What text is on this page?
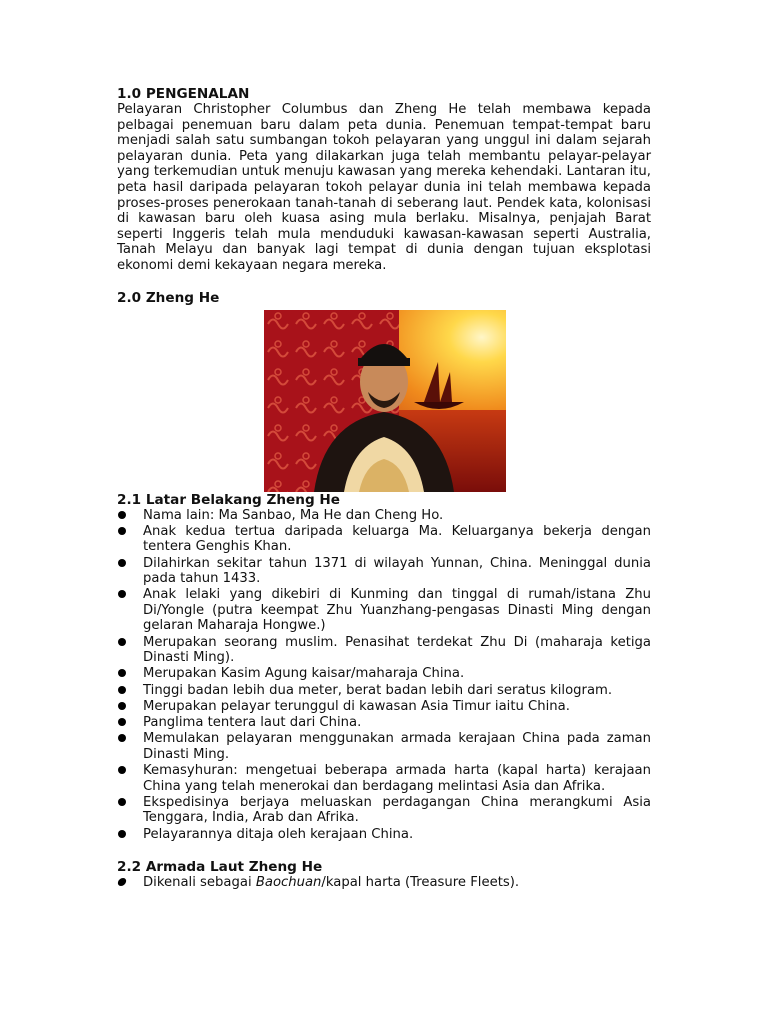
1.0 PENGENALAN

Pelayaran Christopher Columbus dan Zheng He telah membawa kepada pelbagai penemuan baru dalam peta dunia. Penemuan tempat-tempat baru menjadi salah satu sumbangan tokoh pelayaran yang unggul ini dalam sejarah pelayaran dunia. Peta yang dilakarkan juga telah membantu pelayar-pelayar yang terkemudian untuk menuju kawasan yang mereka kehendaki. Lantaran itu, peta hasil daripada pelayaran tokoh pelayar dunia ini telah membawa kepada proses-proses penerokaan tanah-tanah di seberang laut. Pendek kata, kolonisasi di kawasan baru oleh kuasa asing mula berlaku. Misalnya, penjajah Barat seperti Inggeris telah mula menduduki kawasan-kawasan seperti Australia, Tanah Melayu dan banyak lagi tempat di dunia dengan tujuan eksplotasi ekonomi demi kekayaan negara mereka.

2.0 Zheng He
2.1 Latar Belakang Zheng He
Nama lain: Ma Sanbao, Ma He dan Cheng Ho.
Anak kedua tertua daripada keluarga Ma. Keluarganya bekerja dengan tentera Genghis Khan.
Dilahirkan sekitar tahun 1371 di wilayah Yunnan, China. Meninggal dunia pada tahun 1433.
Anak lelaki yang dikebiri di Kunming dan tinggal di rumah/istana Zhu Di/Yongle (putra keempat Zhu Yuanzhang-pengasas Dinasti Ming dengan gelaran Maharaja Hongwe.)
Merupakan seorang muslim. Penasihat terdekat Zhu Di (maharaja ketiga Dinasti Ming).
Merupakan Kasim Agung kaisar/maharaja China.
Tinggi badan lebih dua meter, berat badan lebih dari seratus kilogram.
Merupakan pelayar terunggul di kawasan Asia Timur iaitu China.
Panglima tentera laut dari China.
Memulakan pelayaran menggunakan armada kerajaan China pada zaman Dinasti Ming.
Kemasyhuran: mengetuai beberapa armada harta (kapal harta) kerajaan China yang telah menerokai dan berdagang melintasi Asia dan Afrika.
Ekspedisinya berjaya meluaskan perdagangan China merangkumi Asia Tenggara, India, Arab dan Afrika.
Pelayarannya ditaja oleh kerajaan China.
2.2 Armada Laut Zheng He
Dikenali sebagai Baochuan/kapal harta (Treasure Fleets).
